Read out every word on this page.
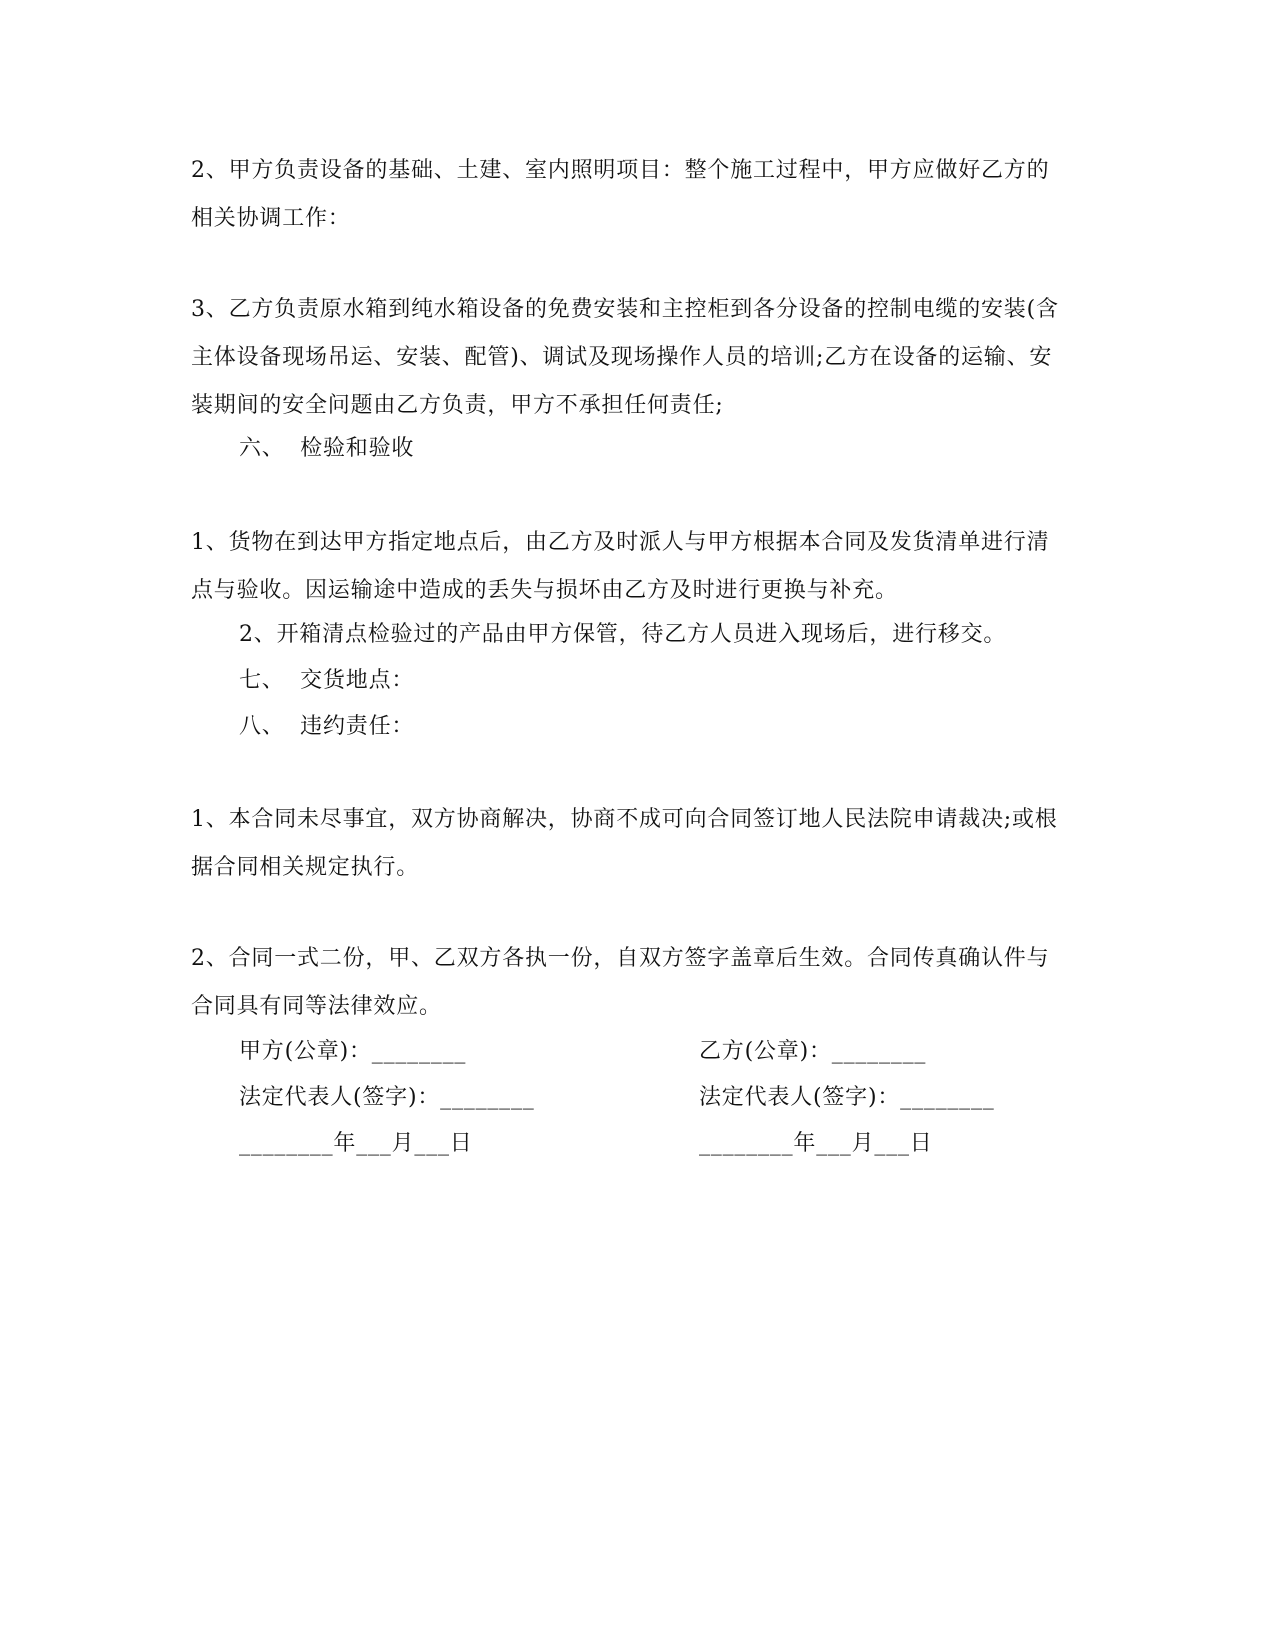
2、甲方负责设备的基础、土建、室内照明项目：整个施工过程中，甲方应做好乙方的相关协调工作：

3、乙方负责原水箱到纯水箱设备的免费安装和主控柜到各分设备的控制电缆的安装(含主体设备现场吊运、安装、配管)、调试及现场操作人员的培训;乙方在设备的运输、安装期间的安全问题由乙方负责，甲方不承担任何责任;

六、  检验和验收

1、货物在到达甲方指定地点后，由乙方及时派人与甲方根据本合同及发货清单进行清点与验收。因运输途中造成的丢失与损坏由乙方及时进行更换与补充。

2、开箱清点检验过的产品由甲方保管，待乙方人员进入现场后，进行移交。

七、  交货地点：

八、  违约责任：

1、本合同未尽事宜，双方协商解决，协商不成可向合同签订地人民法院申请裁决;或根据合同相关规定执行。

2、合同一式二份，甲、乙双方各执一份，自双方签字盖章后生效。合同传真确认件与合同具有同等法律效应。

甲方(公章)：________	乙方(公章)：________

法定代表人(签字)：________	法定代表人(签字)：________

________年___月___日	________年___月___日
